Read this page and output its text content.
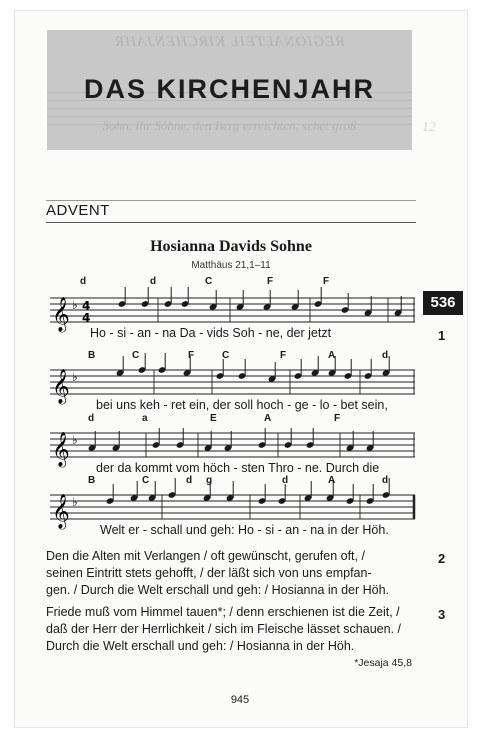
REGIONALTEIL KIRCHENJAHR
DAS KIRCHENJAHR
Sohn, Ihr Söhne, den Berg erreichten, sehet groß	12
ADVENT
Hosianna Davids Sohne
Matthäus 21,1–11
536
1
𝄞 ♭ 4
4
d	d	C	F	F
Ho - si - an - na Da - vids Soh - ne, der jetzt
𝄞 ♭
B	C	F	C	F	A	d
bei uns keh - ret ein, der soll hoch - ge - lo - bet sein,
𝄞 ♭
d	a	E	A	F
der da kommt vom höch - sten Thro - ne. Durch die
𝄞 ♭
B	C	d g	d	A	d
Welt er - schall und geh: Ho - si - an - na in der Höh.
2

Den die Alten mit Verlangen / oft gewünscht, gerufen oft, /

seinen Eintritt stets gehofft, / der läßt sich von uns empfan-

gen. / Durch die Welt erschall und geh: / Hosianna in der Höh.

3

Friede muß vom Himmel tauen*; / denn erschienen ist die Zeit, /

daß der Herr der Herrlichkeit / sich im Fleische lässet schauen. /

Durch die Welt erschall und geh: / Hosianna in der Höh.

*Jesaja 45,8
945
